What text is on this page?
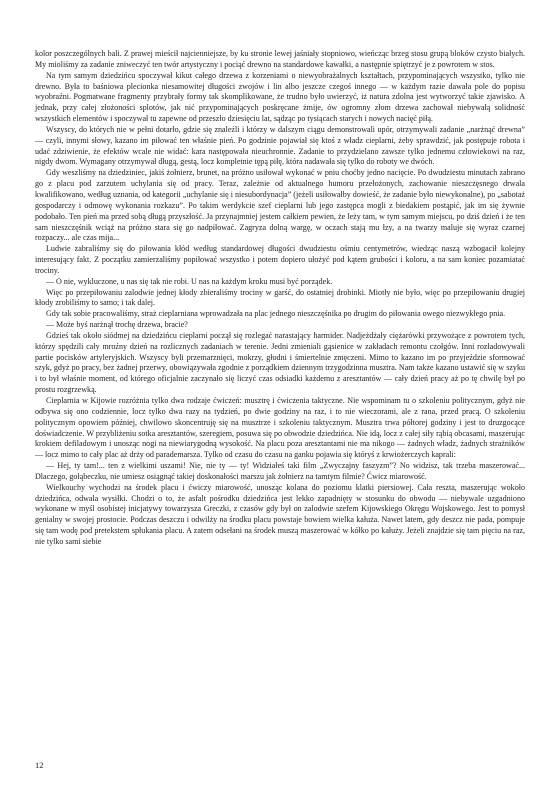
kolor poszczególnych bali. Z prawej mieścił najcienniejsze, by ku stronie lewej jaśniały stopniowo, wieńcząc brzeg stosu grupą bloków czysto białych. My mioliśmy za zadanie zniweczyć ten twór artystyczny i pociąć drewno na standardowe kawałki, a następnie spiętrzyć je z powrotem w stos.

Na tym samym dziedzińcu spoczywał kikut całego drzewa z korzeniami o niewyobrażalnych kształtach, przypominających wszystko, tylko nie drewno. Była to baśniowa plecionka niesamowitej długości zwojów i lin albo jeszcze czegoś innego — w każdym razie dawała pole do popisu wyobraźni. Pogmatwane fragmenty przybrały formy tak skomplikowane, że trudno było uwierzyć, iż natura zdolna jest wytworzyć takie zjawisko. A jednak, przy całej złożoności splotów, jak nić przypominających poskręcane żmije, ów ogromny złom drzewa zachował niebywałą solidność wszystkich elementów i spoczywał tu zapewne od przeszło dziesięciu lat, sądząc po tysiącach starych i nowych nacięć piłą.

Wszyscy, do których nie w pełni dotarło, gdzie się znaleźli i którzy w dalszym ciągu demonstrowali upór, otrzymywali zadanie „narżnąć drewna” — czyli, innymi słowy, kazano im piłować ten właśnie pień. Po godzinie pojawiał się ktoś z władz cieplarni, żeby sprawdzić, jak postępuje robota i udać zdziwienie, że efektów wcale nie widać: kara następowała nieuchronnie. Zadanie to przydzielano zawsze tylko jednemu człowiekowi na raz, nigdy dwom. Wymagany otrzymywał długą, gestą, locz kompletnie tępą piłę, która nadawała się tylko do roboty we dwóch.

Gdy weszliśmy na dziedziniec, jakiś żołnierz, brunet, na próżno usiłował wykonać w pniu choćby jedno nacięcie. Po dwudziestu minutach zabrano go z placu pod zarzutem uchylania się od pracy. Teraz, zależnie od aktualnego humoru przełożonych, zachowanie nieszczęsnego drwala kwalifikowano, według uznania, od kategorii „uchylanie się i niesubordynacja” (jeżeli usiłowałby dowieść, że zadanie było niewykonalne), po „sabotaż gospodarczy i odmowę wykonania rozkazu”. Po takim werdykcie szef cieplarni lub jego zastępca mogli z biedakiem postąpić, jak im się żywnie podobało. Ten pień ma przed sobą długą przyszłość. Ja przynajmniej jestem całkiem pewien, że leży tam, w tym samym miejscu, po dziś dzień i że ten sam nieszczęśnik wciąż na próżno stara się go nadpiłować. Zagryza dolną wargę, w oczach stają mu łzy, a na twarzy maluje się wyraz czarnej rozpaczy... ale czas mija...

Ludwie zabraliśmy się do piłowania kłód według standardowej długości dwudziestu ośmiu centymetrów, wiedząc naszą wzbogacił kolejny interesujący fakt. Z początku zamierzaliśmy popiłować wszystko i potem dopiero ułożyć pod kątem grubości i koloru, a na sam koniec pozamiatać trociny.

— O nie, wykluczone, u nas się tak nie robi. U nas na każdym kroku musi być porządek.

Więc po przepiłowaniu zalodwie jednej kłody zbieraliśmy trociny w garść, do ostatniej drobinki. Miotły nie było, więc po przepiłowaniu drugiej kłody zrobiliśmy to samo; i tak dalej.

Gdy tak sobie pracowaliśmy, straż cieplarniana wprowadzała na plac jednego nieszczęśnika po drugim do piłowania owego niezwykłego pnia.

— Może byś narżnął trochę drzewa, bracie?

Gdzieś tak około siódmej na dziedzińcu cieplarni począł się rozlegać narastający harmider. Nadjeżdżały ciężarówki przywożące z powrotem tych, którzy spędzili cały mroźny dzień na rozlicznych zadaniach w terenie. Jedni zmieniali gąsienice w zakładach remontu czołgów. Inni rozładowywali partie pocisków artyleryjskich. Wszyscy byli przemarznięci, mokrzy, głodni i śmiertelnie zmęczeni. Mimo to kazano im po przyjeździe sformować szyk, gdyż po pracy, bez żadnej przerwy, obowiązywała zgodnie z porządkiem dziennym trzygodzinna musztra. Nam także kazano ustawić się w szyku i to był właśnie moment, od którego oficjalnie zaczynało się liczyć czas odsiadki każdemu z aresztantów — cały dzień pracy aż po tę chwilę był po prostu rozgrzewką.

Cieplarnia w Kijowie rozróżnia tylko dwa rodzaje ćwiczeń: musztrę i ćwiczenia taktyczne. Nie wspominam tu o szkoleniu politycznym, gdyż nie odbywa się ono codziennie, locz tylko dwa razy na tydzień, po dwie godziny na raz, i to nie wieczorami, ale z rana, przed pracą. O szkoleniu politycznym opowiem później, chwilowo skoncentruję się na musztrze i szkoleniu taktycznym. Musztra trwa półtorej godziny i jest to druzgocące doświadczenie. W przybliżeniu sotka aresztantów, szeregiem, posuwa się po obwodzie dziedzińca. Nie idą, locz z całej siły rąbią obcasami, maszerując krokiem defiladowym i unosząc nogi na niewiarygodną wysokość. Na placu poza aresztantami nie ma nikogo — żadnych władz, żadnych strażników — locz mimo to cały plac aż drży od parademarsza. Tylko od czasu do czasu na ganku pojawia się któryś z krwiożerczych kaprali:

— Hej, ty tam!... ten z wielkimi uszami! Nie, nie ty — ty! Widziałeś taki film „Zwyczajny faszyzm”? No widzisz, tak trzeba maszerować... Dlaczego, gołąbeczku, nie umiesz osiągnąć takiej doskonałości marszu jak żołnierz na tamtym filmie? Ćwicz miarowość.

Wielkouchy wychodzi na środek placu i ćwiczy miarowość, unosząc kolana do poziomu klatki piersiowej. Cała reszta, maszerując wokoło dziedzińca, odwala wysiłki. Chodzi o to, że asfalt pośrodku dziedzińca jest lekko zapadnięty w stosunku do obwodu — niebywale uzgadniono wykonane w myśl osobistej inicjatywy towarzysza Greczki, z czasów gdy był on zalodwie szefem Kijowskiego Okręgu Wojskowego. Jest to pomysł genialny w swojej prostocie. Podczas deszczu i odwilży na środku placu powstaje bowiem wielka kałuża. Nawet latem, gdy deszcz nie pada, pompuje się tam wodę pod pretekstem spłukania placu. A zatem odsełani na środek muszą maszerować w kółko po kałuży. Jeżeli znajdzie się tam pięciu na raz, nie tylko sami siebie

12
